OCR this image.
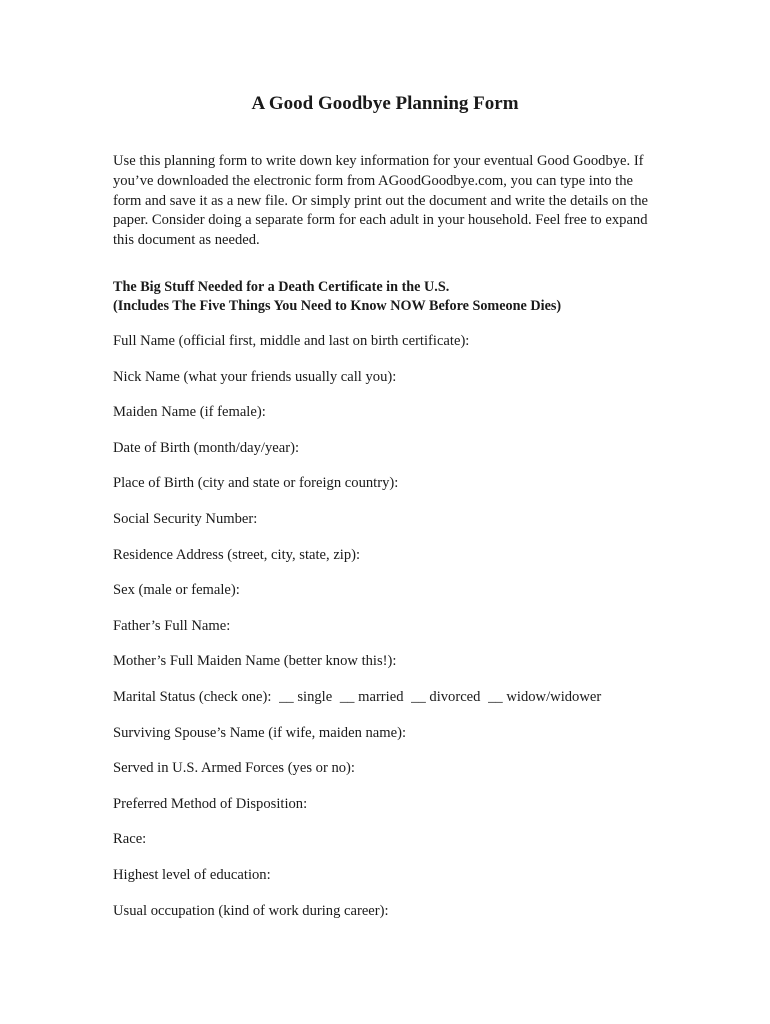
A Good Goodbye Planning Form

Use this planning form to write down key information for your eventual Good Goodbye. If you’ve downloaded the electronic form from AGoodGoodbye.com, you can type into the form and save it as a new file. Or simply print out the document and write the details on the paper. Consider doing a separate form for each adult in your household. Feel free to expand this document as needed.

The Big Stuff Needed for a Death Certificate in the U.S.
(Includes The Five Things You Need to Know NOW Before Someone Dies)
Full Name (official first, middle and last on birth certificate):
Nick Name (what your friends usually call you):
Maiden Name (if female):
Date of Birth (month/day/year):
Place of Birth (city and state or foreign country):
Social Security Number:
Residence Address (street, city, state, zip):
Sex (male or female):
Father’s Full Name:
Mother’s Full Maiden Name (better know this!):
Marital Status (check one): __ single __ married __ divorced __ widow/widower
Surviving Spouse’s Name (if wife, maiden name):
Served in U.S. Armed Forces (yes or no):
Preferred Method of Disposition:
Race:
Highest level of education:
Usual occupation (kind of work during career):
